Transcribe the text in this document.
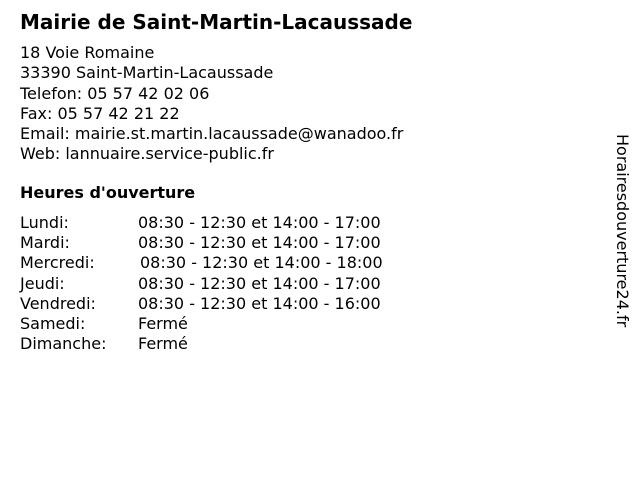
Mairie de Saint-Martin-Lacaussade
18 Voie Romaine
33390 Saint-Martin-Lacaussade
Telefon: 05 57 42 02 06
Fax: 05 57 42 21 22
Email: mairie.st.martin.lacaussade@wanadoo.fr
Web: lannuaire.service-public.fr
Heures d'ouverture
Lundi:	08:30 - 12:30 et 14:00 - 17:00
Mardi:	08:30 - 12:30 et 14:00 - 17:00
Mercredi:	08:30 - 12:30 et 14:00 - 18:00
Jeudi:	08:30 - 12:30 et 14:00 - 17:00
Vendredi:	08:30 - 12:30 et 14:00 - 16:00
Samedi:	Fermé
Dimanche: Fermé
Horairesdouverture24.fr
